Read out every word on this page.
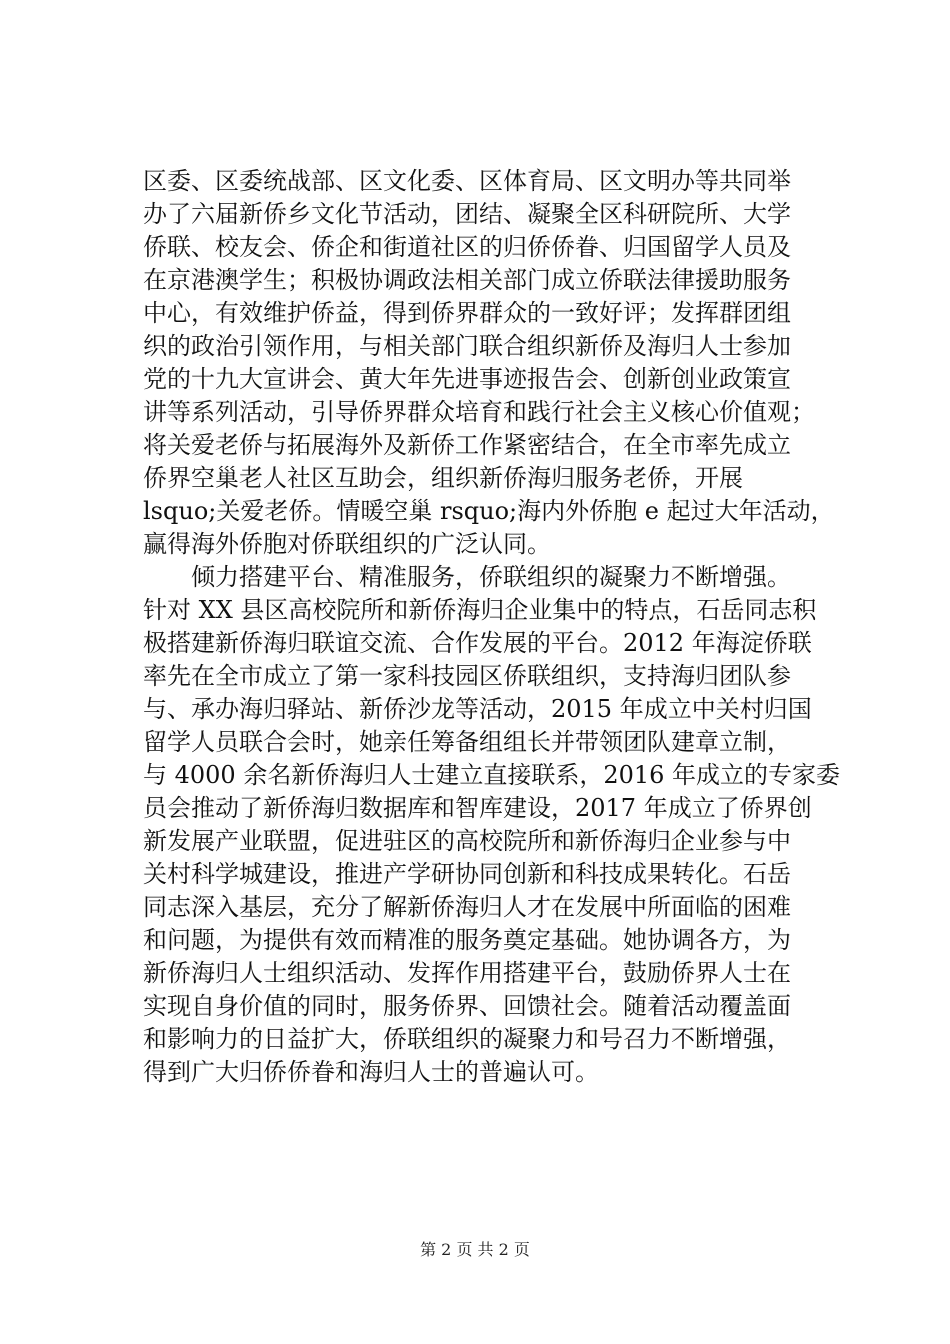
区委、区委统战部、区文化委、区体育局、区文明办等共同举
办了六届新侨乡文化节活动，团结、凝聚全区科研院所、大学
侨联、校友会、侨企和街道社区的归侨侨眷、归国留学人员及
在京港澳学生；积极协调政法相关部门成立侨联法律援助服务
中心，有效维护侨益，得到侨界群众的一致好评；发挥群团组
织的政治引领作用，与相关部门联合组织新侨及海归人士参加
党的十九大宣讲会、黄大年先进事迹报告会、创新创业政策宣
讲等系列活动，引导侨界群众培育和践行社会主义核心价值观；
将关爱老侨与拓展海外及新侨工作紧密结合，在全市率先成立
侨界空巢老人社区互助会，组织新侨海归服务老侨，开展
lsquo;关爱老侨。情暖空巢 rsquo;海内外侨胞 e 起过大年活动，
赢得海外侨胞对侨联组织的广泛认同。
　　倾力搭建平台、精准服务，侨联组织的凝聚力不断增强。
针对 XX 县区高校院所和新侨海归企业集中的特点，石岳同志积
极搭建新侨海归联谊交流、合作发展的平台。2012 年海淀侨联
率先在全市成立了第一家科技园区侨联组织，支持海归团队参
与、承办海归驿站、新侨沙龙等活动，2015 年成立中关村归国
留学人员联合会时，她亲任筹备组组长并带领团队建章立制，
与 4000 余名新侨海归人士建立直接联系，2016 年成立的专家委
员会推动了新侨海归数据库和智库建设，2017 年成立了侨界创
新发展产业联盟，促进驻区的高校院所和新侨海归企业参与中
关村科学城建设，推进产学研协同创新和科技成果转化。石岳
同志深入基层，充分了解新侨海归人才在发展中所面临的困难
和问题，为提供有效而精准的服务奠定基础。她协调各方，为
新侨海归人士组织活动、发挥作用搭建平台，鼓励侨界人士在
实现自身价值的同时，服务侨界、回馈社会。随着活动覆盖面
和影响力的日益扩大，侨联组织的凝聚力和号召力不断增强，
得到广大归侨侨眷和海归人士的普遍认可。
第 2 页 共 2 页
